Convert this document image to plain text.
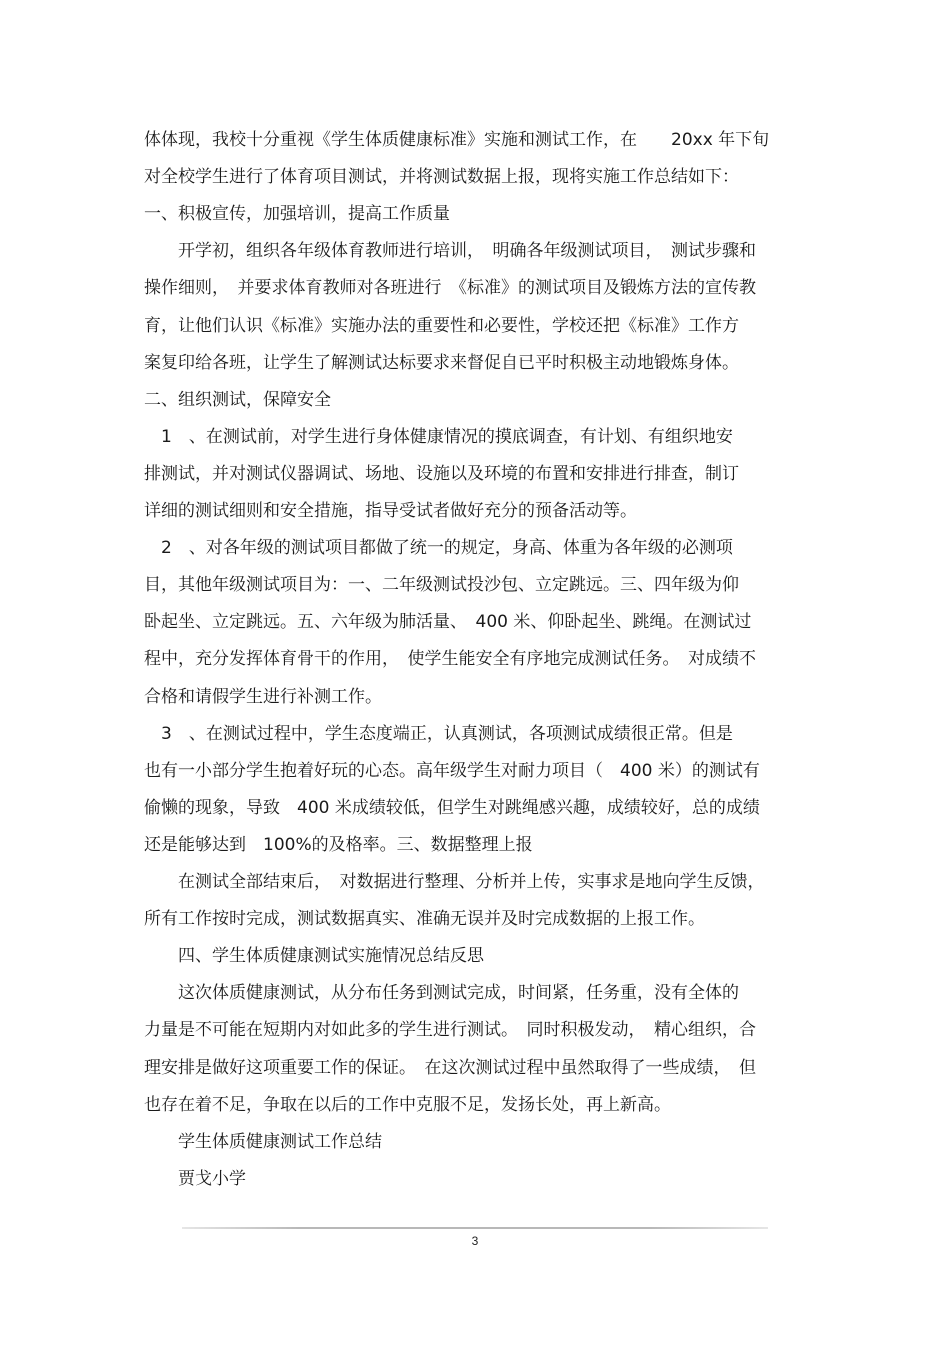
体体现，我校十分重视《学生体质健康标准》实施和测试工作，在　　20xx 年下旬
对全校学生进行了体育项目测试，并将测试数据上报，现将实施工作总结如下：
一、积极宣传，加强培训，提高工作质量
　　开学初，组织各年级体育教师进行培训，　明确各年级测试项目，　测试步骤和
操作细则，　并要求体育教师对各班进行　《标准》的测试项目及锻炼方法的宣传教
育，让他们认识《标准》实施办法的重要性和必要性，学校还把《标准》工作方
案复印给各班，让学生了解测试达标要求来督促自已平时积极主动地锻炼身体。
二、组织测试，保障安全
　1　、在测试前，对学生进行身体健康情况的摸底调查，有计划、有组织地安
排测试，并对测试仪器调试、场地、设施以及环境的布置和安排进行排查，制订
详细的测试细则和安全措施，指导受试者做好充分的预备活动等。
　2　、对各年级的测试项目都做了统一的规定，身高、体重为各年级的必测项
目，其他年级测试项目为：一、二年级测试投沙包、立定跳远。三、四年级为仰
卧起坐、立定跳远。五、六年级为肺活量、　400 米、仰卧起坐、跳绳。在测试过
程中，充分发挥体育骨干的作用，　使学生能安全有序地完成测试任务。　对成绩不
合格和请假学生进行补测工作。
　3　、在测试过程中，学生态度端正，认真测试，各项测试成绩很正常。但是
也有一小部分学生抱着好玩的心态。高年级学生对耐力项目（　400 米）的测试有
偷懒的现象，导致　400 米成绩较低，但学生对跳绳感兴趣，成绩较好，总的成绩
还是能够达到　100%的及格率。三、数据整理上报
　　在测试全部结束后，　对数据进行整理、分析并上传，实事求是地向学生反馈，
所有工作按时完成，测试数据真实、准确无误并及时完成数据的上报工作。
　　四、学生体质健康测试实施情况总结反思
　　这次体质健康测试，从分布任务到测试完成，时间紧，任务重，没有全体的
力量是不可能在短期内对如此多的学生进行测试。　同时积极发动，　精心组织，合
理安排是做好这项重要工作的保证。　在这次测试过程中虽然取得了一些成绩，　但
也存在着不足，争取在以后的工作中克服不足，发扬长处，再上新高。
　　学生体质健康测试工作总结
　　贾戈小学
3
